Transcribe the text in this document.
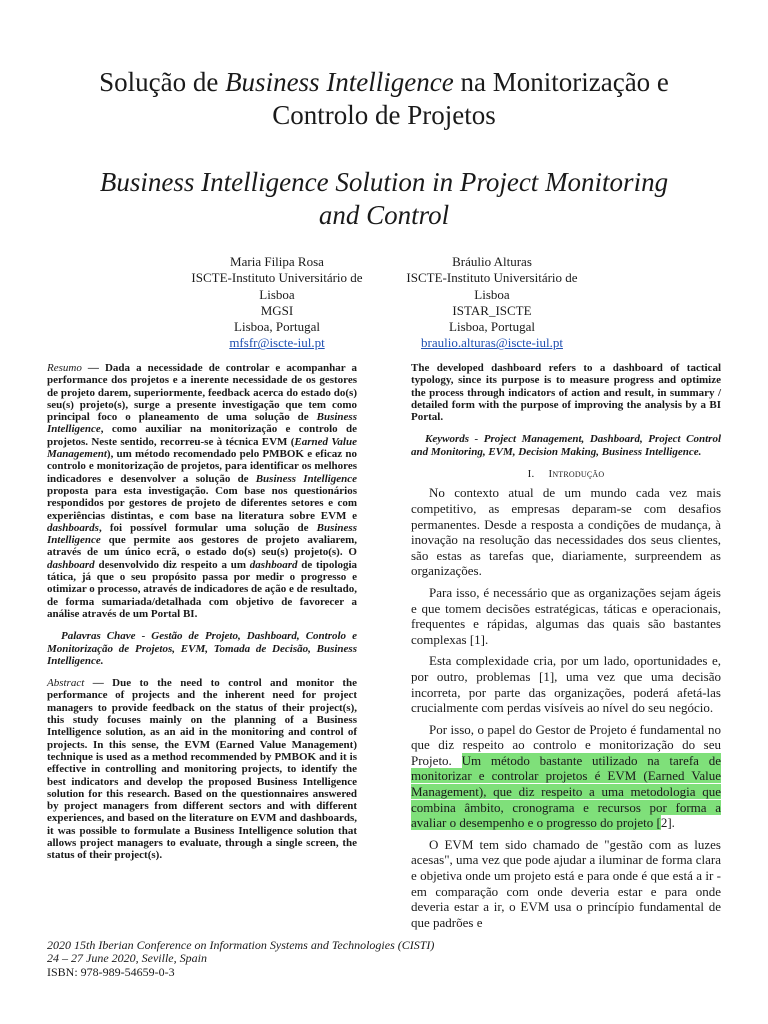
Solução de Business Intelligence na Monitorização e
Controlo de Projetos
Business Intelligence Solution in Project Monitoring
and Control
Maria Filipa Rosa
ISCTE-Instituto Universitário de
Lisboa
MGSI
Lisboa, Portugal
mfsfr@iscte-iul.pt
Bráulio Alturas
ISCTE-Instituto Universitário de
Lisboa
ISTAR_ISCTE
Lisboa, Portugal
braulio.alturas@iscte-iul.pt

Resumo — Dada a necessidade de controlar e acompanhar a performance dos projetos e a inerente necessidade de os gestores de projeto darem, superiormente, feedback acerca do estado do(s) seu(s) projeto(s), surge a presente investigação que tem como principal foco o planeamento de uma solução de Business Intelligence, como auxiliar na monitorização e controlo de projetos. Neste sentido, recorreu-se à técnica EVM (Earned Value Management), um método recomendado pelo PMBOK e eficaz no controlo e monitorização de projetos, para identificar os melhores indicadores e desenvolver a solução de Business Intelligence proposta para esta investigação. Com base nos questionários respondidos por gestores de projeto de diferentes setores e com experiências distintas, e com base na literatura sobre EVM e dashboards, foi possível formular uma solução de Business Intelligence que permite aos gestores de projeto avaliarem, através de um único ecrã, o estado do(s) seu(s) projeto(s). O dashboard desenvolvido diz respeito a um dashboard de tipologia tática, já que o seu propósito passa por medir o progresso e otimizar o processo, através de indicadores de ação e de resultado, de forma sumariada/detalhada com objetivo de favorecer a análise através de um Portal BI.

Palavras Chave - Gestão de Projeto, Dashboard, Controlo e Monitorização de Projetos, EVM, Tomada de Decisão, Business Intelligence.

Abstract — Due to the need to control and monitor the performance of projects and the inherent need for project managers to provide feedback on the status of their project(s), this study focuses mainly on the planning of a Business Intelligence solution, as an aid in the monitoring and control of projects. In this sense, the EVM (Earned Value Management) technique is used as a method recommended by PMBOK and it is effective in controlling and monitoring projects, to identify the best indicators and develop the proposed Business Intelligence solution for this research. Based on the questionnaires answered by project managers from different sectors and with different experiences, and based on the literature on EVM and dashboards, it was possible to formulate a Business Intelligence solution that allows project managers to evaluate, through a single screen, the status of their project(s).

The developed dashboard refers to a dashboard of tactical typology, since its purpose is to measure progress and optimize the process through indicators of action and result, in summary / detailed form with the purpose of improving the analysis by a BI Portal.

Keywords - Project Management, Dashboard, Project Control and Monitoring, EVM, Decision Making, Business Intelligence.

I. Introdução

No contexto atual de um mundo cada vez mais competitivo, as empresas deparam-se com desafios permanentes. Desde a resposta a condições de mudança, à inovação na resolução das necessidades dos seus clientes, são estas as tarefas que, diariamente, surpreendem as organizações.

Para isso, é necessário que as organizações sejam ágeis e que tomem decisões estratégicas, táticas e operacionais, frequentes e rápidas, algumas das quais são bastantes complexas [1].

Esta complexidade cria, por um lado, oportunidades e, por outro, problemas [1], uma vez que uma decisão incorreta, por parte das organizações, poderá afetá-las crucialmente com perdas visíveis ao nível do seu negócio.

Por isso, o papel do Gestor de Projeto é fundamental no que diz respeito ao controlo e monitorização do seu Projeto. Um método bastante utilizado na tarefa de monitorizar e controlar projetos é EVM (Earned Value Management), que diz respeito a uma metodologia que combina âmbito, cronograma e recursos por forma a avaliar o desempenho e o progresso do projeto [2].

O EVM tem sido chamado de "gestão com as luzes acesas", uma vez que pode ajudar a iluminar de forma clara e objetiva onde um projeto está e para onde é que está a ir - em comparação com onde deveria estar e para onde deveria estar a ir, o EVM usa o princípio fundamental de que padrões e

2020 15th Iberian Conference on Information Systems and Technologies (CISTI)
24 – 27 June 2020, Seville, Spain
ISBN: 978-989-54659-0-3
